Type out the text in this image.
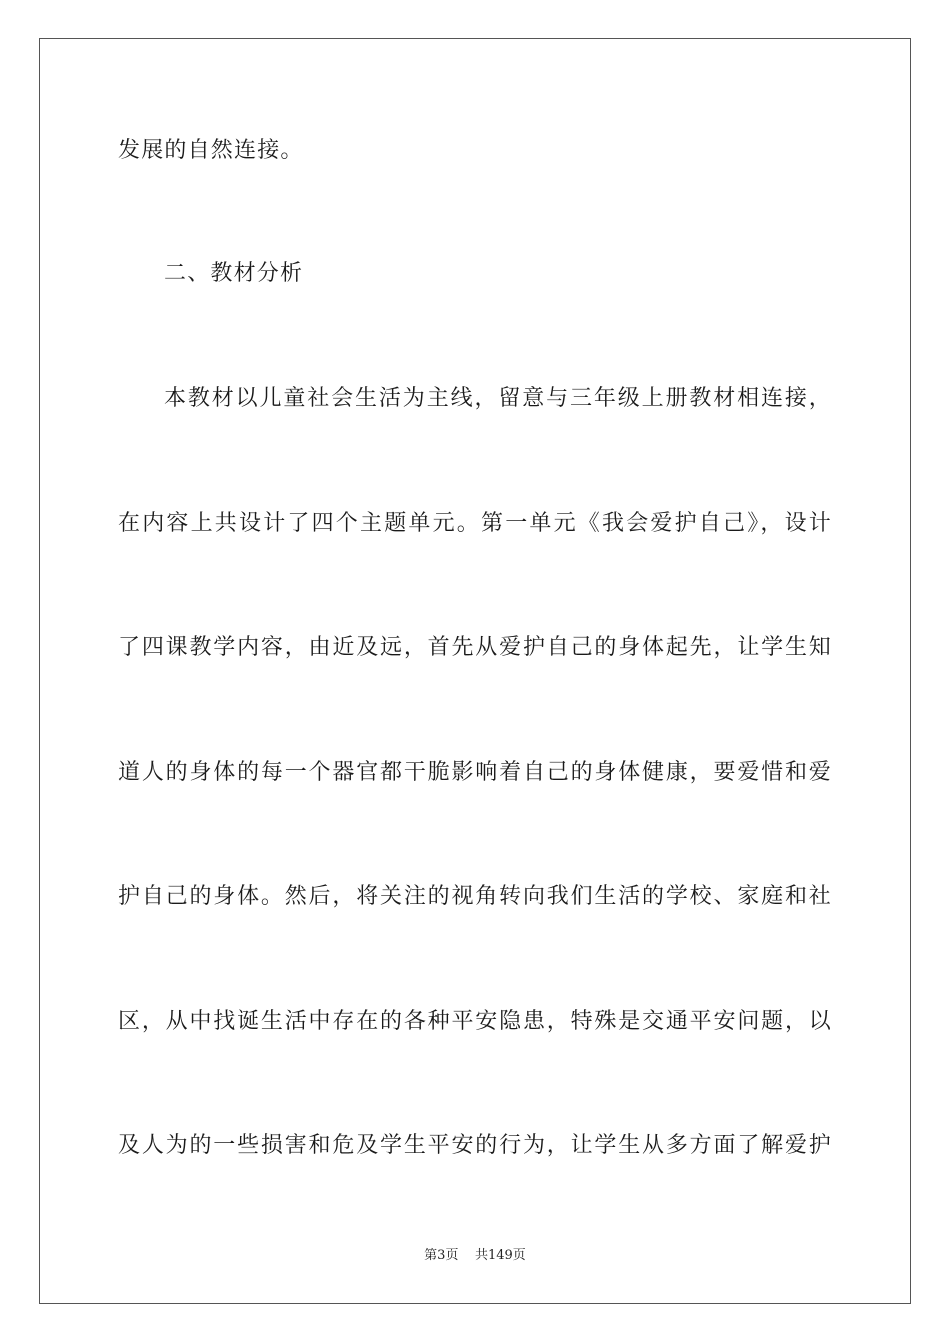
发展的自然连接。
二、教材分析
本教材以儿童社会生活为主线，留意与三年级上册教材相连接，
在内容上共设计了四个主题单元。第一单元《我会爱护自己》，设计
了四课教学内容，由近及远，首先从爱护自己的身体起先，让学生知
道人的身体的每一个器官都干脆影响着自己的身体健康，要爱惜和爱
护自己的身体。然后，将关注的视角转向我们生活的学校、家庭和社
区，从中找诞生活中存在的各种平安隐患，特殊是交通平安问题，以
及人为的一些损害和危及学生平安的行为，让学生从多方面了解爱护
第3页 共149页
